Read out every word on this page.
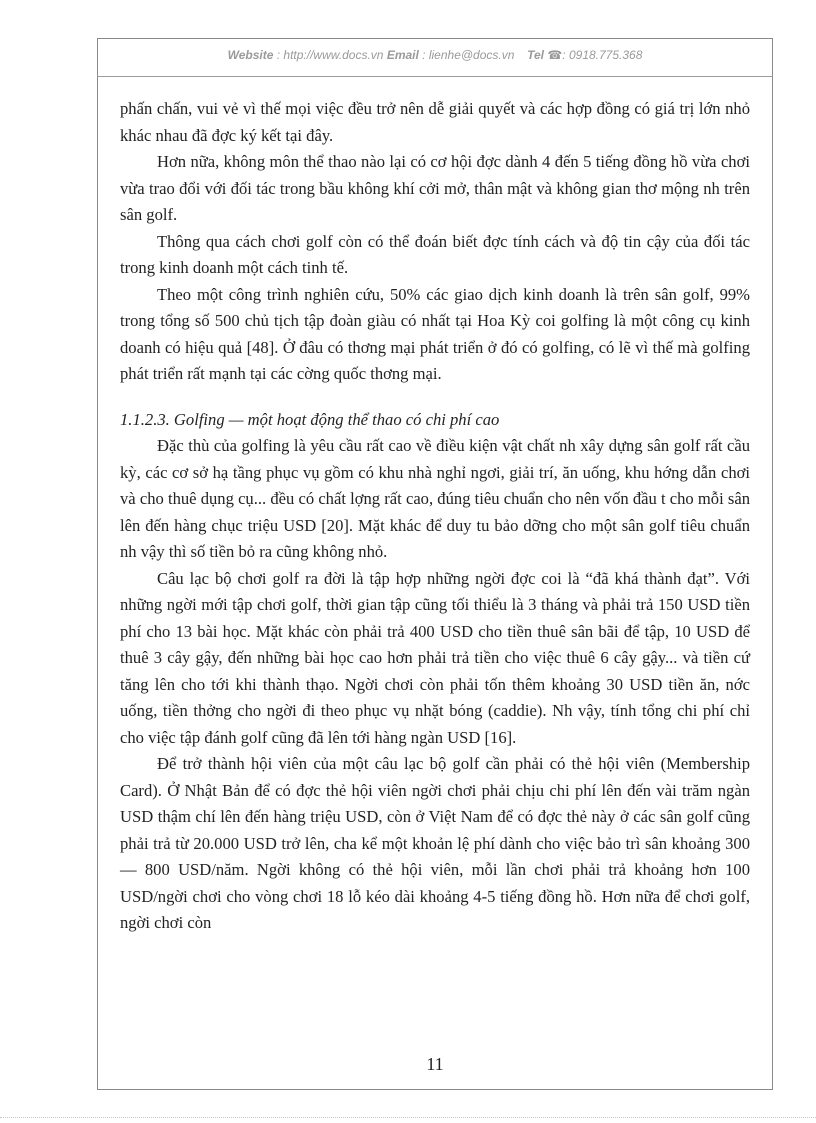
Website : http://www.docs.vn Email : lienhe@docs.vn Tel ☎: 0918.775.368

phấn chấn, vui vẻ vì thế mọi việc đều trở nên dễ giải quyết và các hợp đồng có giá trị lớn nhỏ khác nhau đã đợc ký kết tại đây.

Hơn nữa, không môn thể thao nào lại có cơ hội đợc dành 4 đến 5 tiếng đồng hồ vừa chơi vừa trao đổi với đối tác trong bầu không khí cởi mở, thân mật và không gian thơ mộng nh trên sân golf.

Thông qua cách chơi golf còn có thể đoán biết đợc tính cách và độ tin cậy của đối tác trong kinh doanh một cách tinh tế.

Theo một công trình nghiên cứu, 50% các giao dịch kinh doanh là trên sân golf, 99% trong tổng số 500 chủ tịch tập đoàn giàu có nhất tại Hoa Kỳ coi golfing là một công cụ kinh doanh có hiệu quả [48]. Ở đâu có thơng mại phát triển ở đó có golfing, có lẽ vì thế mà golfing phát triển rất mạnh tại các cờng quốc thơng mại.

1.1.2.3. Golfing — một hoạt động thể thao có chi phí cao

Đặc thù của golfing là yêu cầu rất cao về điều kiện vật chất nh xây dựng sân golf rất cầu kỳ, các cơ sở hạ tầng phục vụ gồm có khu nhà nghỉ ngơi, giải trí, ăn uống, khu hớng dẫn chơi và cho thuê dụng cụ... đều có chất lợng rất cao, đúng tiêu chuẩn cho nên vốn đầu t cho mỗi sân lên đến hàng chục triệu USD [20]. Mặt khác để duy tu bảo dỡng cho một sân golf tiêu chuẩn nh vậy thì số tiền bỏ ra cũng không nhỏ.

Câu lạc bộ chơi golf ra đời là tập hợp những ngời đợc coi là “đã khá thành đạt”. Với những ngời mới tập chơi golf, thời gian tập cũng tối thiểu là 3 tháng và phải trả 150 USD tiền phí cho 13 bài học. Mặt khác còn phải trả 400 USD cho tiền thuê sân bãi để tập, 10 USD để thuê 3 cây gậy, đến những bài học cao hơn phải trả tiền cho việc thuê 6 cây gậy... và tiền cứ tăng lên cho tới khi thành thạo. Ngời chơi còn phải tốn thêm khoảng 30 USD tiền ăn, nớc uống, tiền thởng cho ngời đi theo phục vụ nhặt bóng (caddie). Nh vậy, tính tổng chi phí chỉ cho việc tập đánh golf cũng đã lên tới hàng ngàn USD [16].

Để trở thành hội viên của một câu lạc bộ golf cần phải có thẻ hội viên (Membership Card). Ở Nhật Bản để có đợc thẻ hội viên ngời chơi phải chịu chi phí lên đến vài trăm ngàn USD thậm chí lên đến hàng triệu USD, còn ở Việt Nam để có đợc thẻ này ở các sân golf cũng phải trả từ 20.000 USD trở lên, cha kể một khoản lệ phí dành cho việc bảo trì sân khoảng 300 — 800 USD/năm. Ngời không có thẻ hội viên, mỗi lần chơi phải trả khoảng hơn 100 USD/ngời chơi cho vòng chơi 18 lỗ kéo dài khoảng 4-5 tiếng đồng hồ. Hơn nữa để chơi golf, ngời chơi còn

11
